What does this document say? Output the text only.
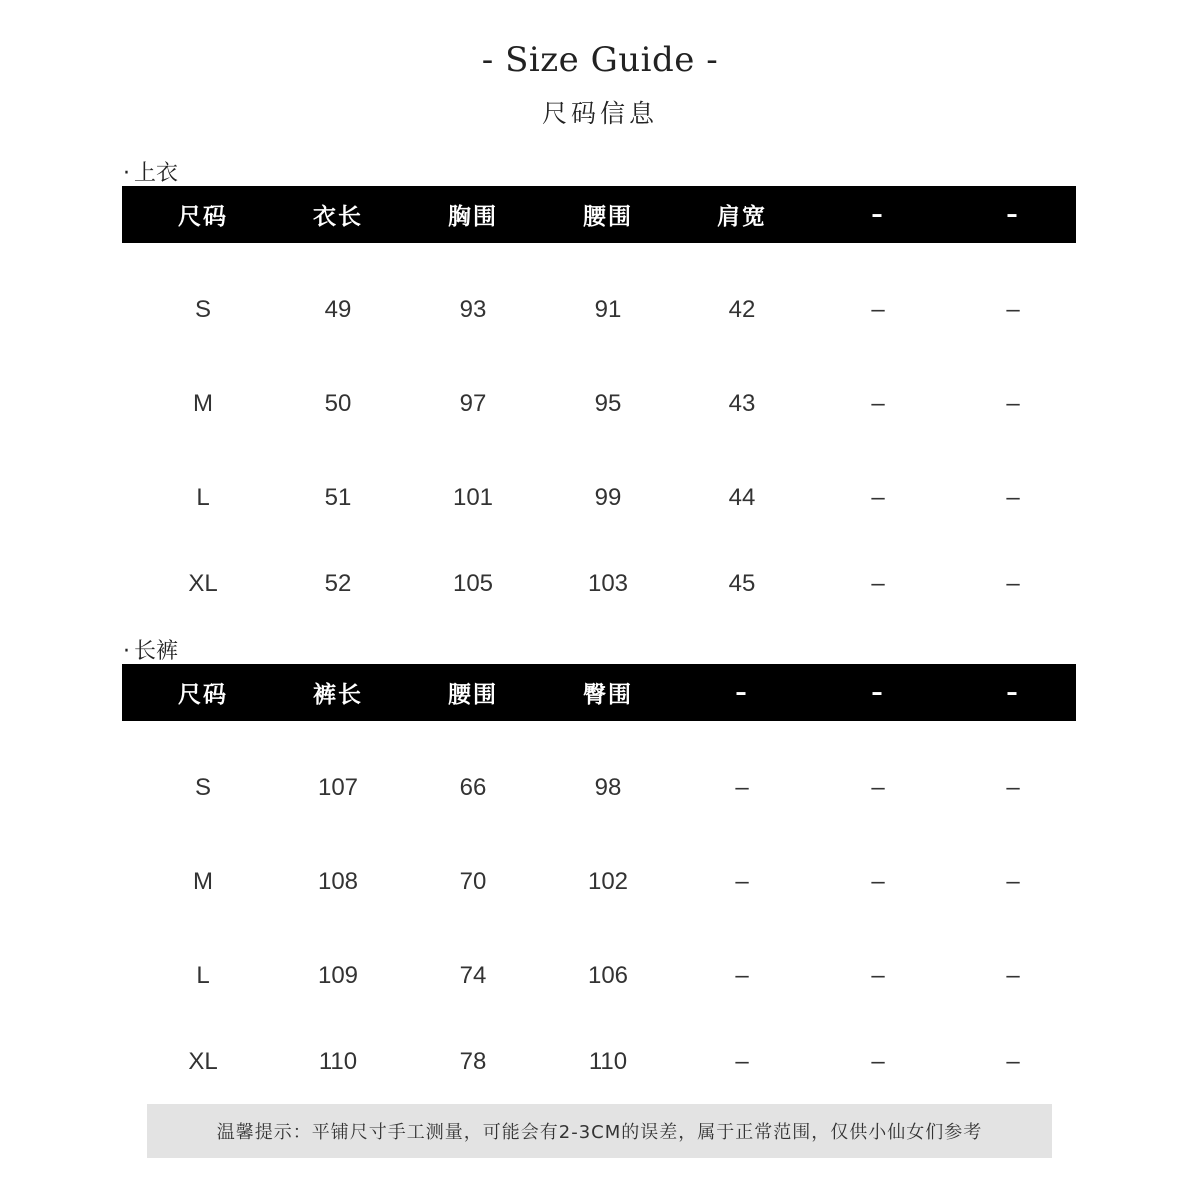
- Size Guide -
尺码信息
· 上衣
尺码	衣长	胸围	腰围	肩宽	–	–
S	49	93	91	42	–	–
M	50	97	95	43	–	–
L	51	101	99	44	–	–
XL	52	105	103	45	–	–
· 长裤
尺码	裤长	腰围	臀围	–	–	–
S	107	66	98	–	–	–
M	108	70	102	–	–	–
L	109	74	106	–	–	–
XL	110	78	110	–	–	–
温馨提示：平铺尺寸手工测量，可能会有2-3CM的误差，属于正常范围，仅供小仙女们参考
